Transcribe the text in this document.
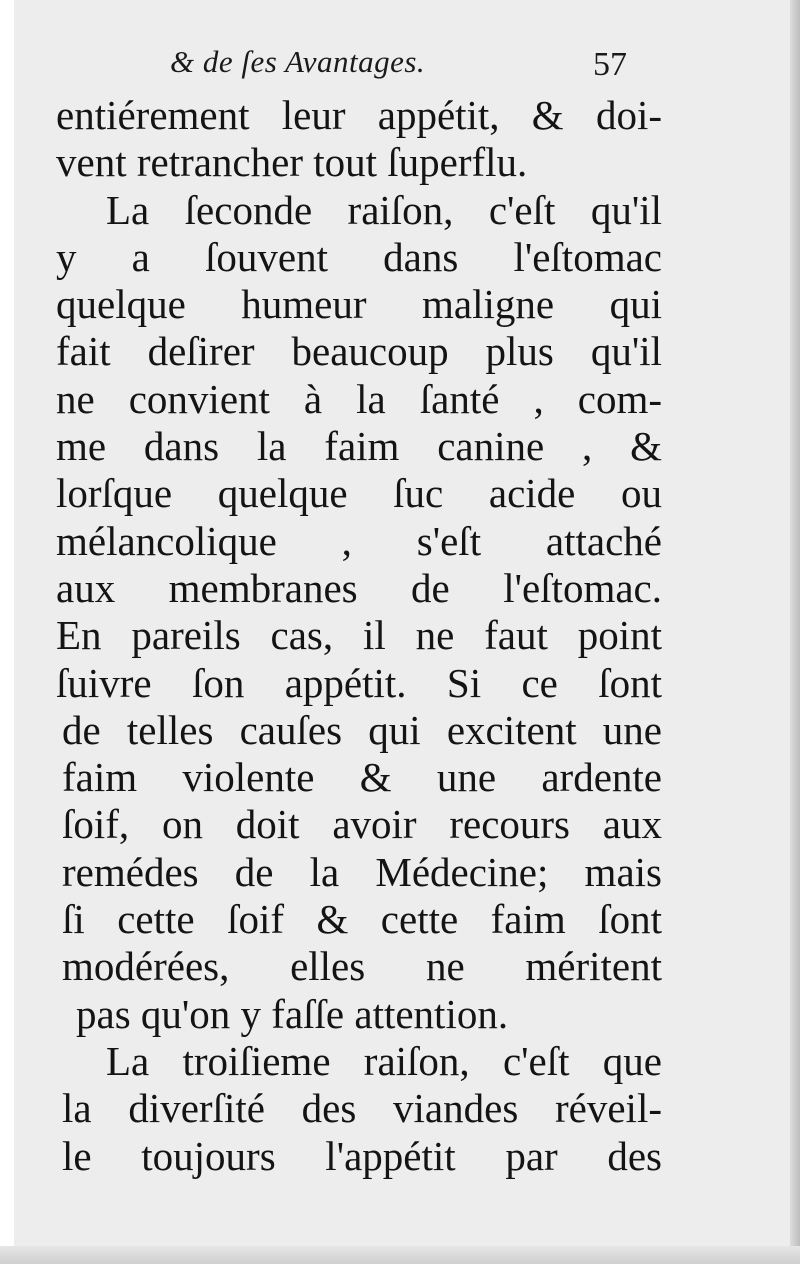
& de ſes Avantages.	57
entiérement leur appétit, & doi-
vent retrancher tout ſuperflu.
La ſeconde raiſon, c'eſt qu'il
y a ſouvent dans l'eſtomac
quelque humeur maligne qui
fait deſirer beaucoup plus qu'il
ne convient à la ſanté , com-
me dans la faim canine , &
lorſque quelque ſuc acide ou
mélancolique , s'eſt attaché
aux membranes de l'eſtomac.
En pareils cas, il ne faut point
ſuivre ſon appétit. Si ce ſont
de telles cauſes qui excitent une
faim violente & une ardente
ſoif, on doit avoir recours aux
remédes de la Médecine; mais
ſi cette ſoif & cette faim ſont
modérées, elles ne méritent
pas qu'on y faſſe attention.
La troiſieme raiſon, c'eſt que
la diverſité des viandes réveil-
le toujours l'appétit par des
